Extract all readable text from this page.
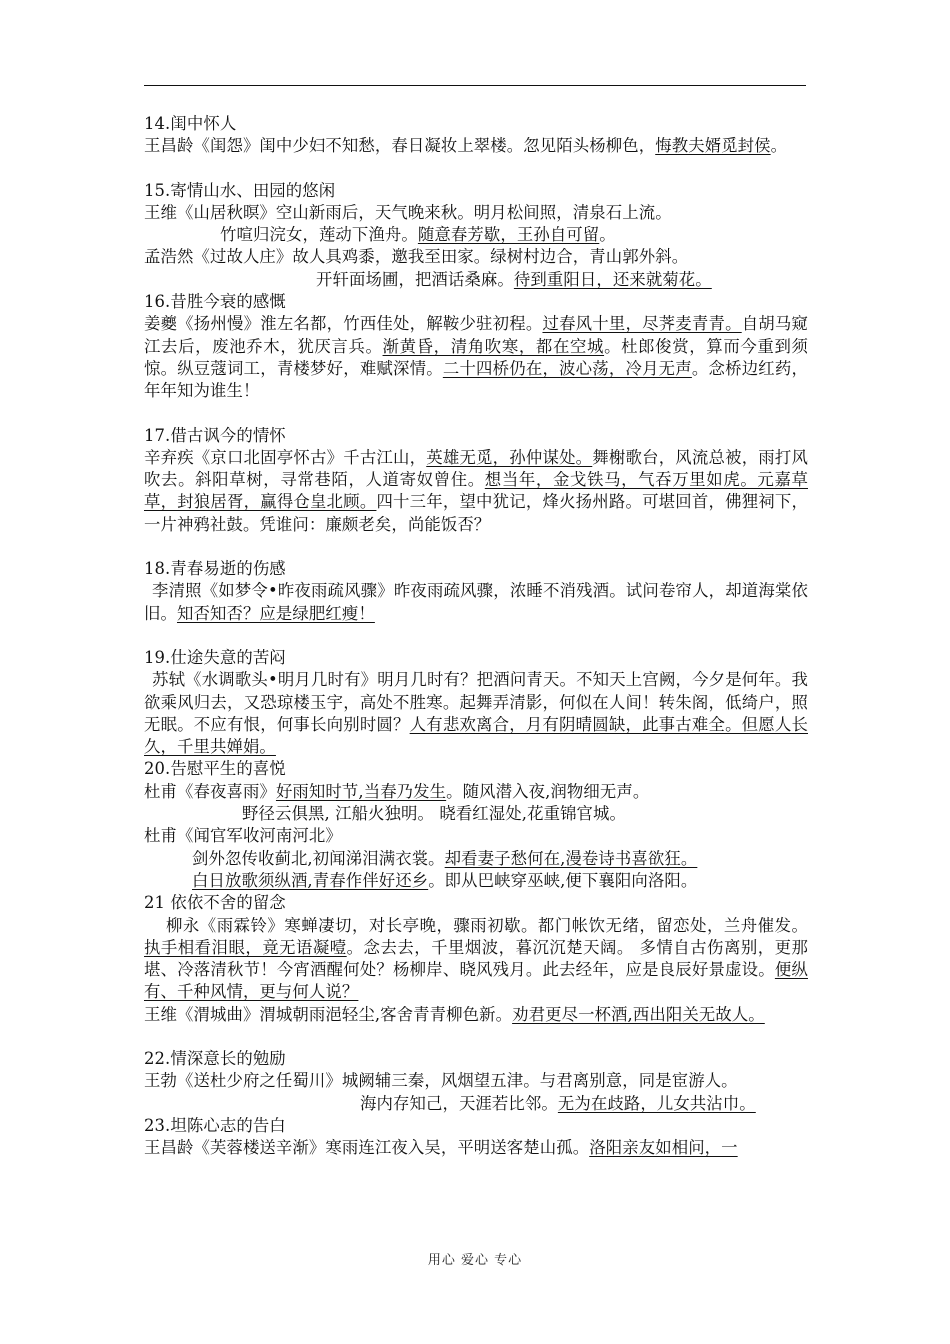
14.闺中怀人

王昌龄《闺怨》闺中少妇不知愁，春日凝妆上翠楼。忽见陌头杨柳色，悔教夫婿觅封侯。

15.寄情山水、田园的悠闲

王维《山居秋暝》空山新雨后，天气晚来秋。明月松间照，清泉石上流。

竹喧归浣女，莲动下渔舟。随意春芳歇，王孙自可留。

孟浩然《过故人庄》故人具鸡黍，邀我至田家。绿树村边合，青山郭外斜。

开轩面场圃，把酒话桑麻。待到重阳日，还来就菊花。

16.昔胜今衰的感慨

姜夔《扬州慢》淮左名都，竹西佳处，解鞍少驻初程。过春风十里，尽荠麦青青。自胡马窥江去后，废池乔木，犹厌言兵。渐黄昏，清角吹寒，都在空城。杜郎俊赏，算而今重到须惊。纵豆蔻词工，青楼梦好，难赋深情。二十四桥仍在，波心荡，冷月无声。念桥边红药，年年知为谁生！

17.借古讽今的情怀

辛弃疾《京口北固亭怀古》千古江山，英雄无觅，孙仲谋处。舞榭歌台，风流总被，雨打风吹去。斜阳草树，寻常巷陌，人道寄奴曾住。想当年，金戈铁马，气吞万里如虎。元嘉草草，封狼居胥，赢得仓皇北顾。四十三年，望中犹记，烽火扬州路。可堪回首，佛狸祠下，一片神鸦社鼓。凭谁问：廉颇老矣，尚能饭否？

18.青春易逝的伤感

李清照《如梦令•昨夜雨疏风骤》昨夜雨疏风骤，浓睡不消残酒。试问卷帘人，却道海棠依旧。知否知否？应是绿肥红瘦！

19.仕途失意的苦闷

苏轼《水调歌头•明月几时有》明月几时有？把酒问青天。不知天上宫阙，今夕是何年。我欲乘风归去，又恐琼楼玉宇，高处不胜寒。起舞弄清影，何似在人间！转朱阁，低绮户，照无眠。不应有恨，何事长向别时圆？人有悲欢离合，月有阴晴圆缺，此事古难全。但愿人长久，千里共婵娟。

20.告慰平生的喜悦

杜甫《春夜喜雨》好雨知时节,当春乃发生。随风潜入夜,润物细无声。

野径云俱黑, 江船火独明。 晓看红湿处,花重锦官城。

杜甫《闻官军收河南河北》

剑外忽传收蓟北,初闻涕泪满衣裳。却看妻子愁何在,漫卷诗书喜欲狂。

白日放歌须纵酒,青春作伴好还乡。即从巴峡穿巫峡,便下襄阳向洛阳。

21 依依不舍的留念

柳永《雨霖铃》寒蝉凄切，对长亭晚，骤雨初歇。都门帐饮无绪，留恋处，兰舟催发。执手相看泪眼，竟无语凝噎。念去去，千里烟波，暮沉沉楚天阔。 多情自古伤离别，更那堪、冷落清秋节！今宵酒醒何处？杨柳岸、晓风残月。此去经年，应是良辰好景虚设。便纵有、千种风情，更与何人说？

王维《渭城曲》渭城朝雨浥轻尘,客舍青青柳色新。劝君更尽一杯酒,西出阳关无故人。

22.情深意长的勉励

王勃《送杜少府之任蜀川》城阙辅三秦，风烟望五津。与君离别意，同是宦游人。

海内存知己，天涯若比邻。无为在歧路，儿女共沾巾。

23.坦陈心志的告白

王昌龄《芙蓉楼送辛渐》寒雨连江夜入吴，平明送客楚山孤。洛阳亲友如相问，一

用心 爱心 专心
